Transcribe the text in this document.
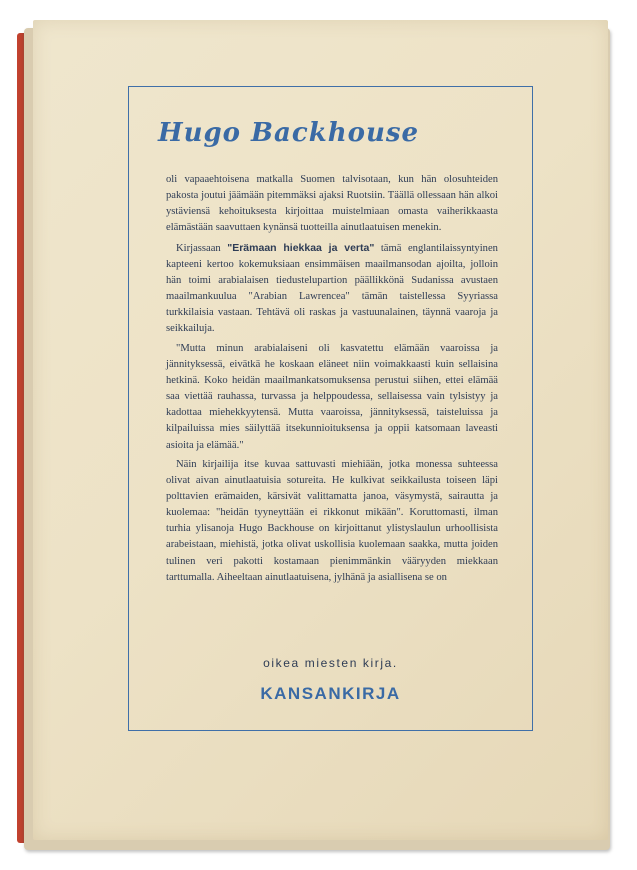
Hugo Backhouse

oli vapaaehtoisena matkalla Suomen talvisotaan, kun hän olosuhteiden pakosta joutui jäämään pitemmäksi ajaksi Ruotsiin. Täällä ollessaan hän alkoi ystäviensä kehoituksesta kirjoittaa muistelmiaan omasta vaiherikkaasta elämästään saavuttaen kynänsä tuotteilla ainutlaatuisen menekin.

Kirjassaan "Erämaan hiekkaa ja verta" tämä englantilaissyntyinen kapteeni kertoo kokemuksiaan ensimmäisen maailmansodan ajoilta, jolloin hän toimi arabialaisen tiedustelupartion päällikkönä Sudanissa avustaen maailmankuulua "Arabian Lawrencea" tämän taistellessa Syyriassa turkkilaisia vastaan. Tehtävä oli raskas ja vastuunalainen, täynnä vaaroja ja seikkailuja.

"Mutta minun arabialaiseni oli kasvatettu elämään vaaroissa ja jännityksessä, eivätkä he koskaan eläneet niin voimakkaasti kuin sellaisina hetkinä. Koko heidän maailmankatsomuksensa perustui siihen, ettei elämää saa viettää rauhassa, turvassa ja helppoudessa, sellaisessa vain tylsistyy ja kadottaa miehekkyytensä. Mutta vaaroissa, jännityksessä, taisteluissa ja kilpailuissa mies säilyttää itsekunnioituksensa ja oppii katsomaan laveasti asioita ja elämää."

Näin kirjailija itse kuvaa sattuvasti miehiään, jotka monessa suhteessa olivat aivan ainutlaatuisia sotureita. He kulkivat seikkailusta toiseen läpi polttavien erämaiden, kärsivät valittamatta janoa, väsymystä, sairautta ja kuolemaa: "heidän tyyneyttään ei rikkonut mikään". Koruttomasti, ilman turhia ylisanoja Hugo Backhouse on kirjoittanut ylistyslaulun urhoollisista arabeistaan, miehistä, jotka olivat uskollisia kuolemaan saakka, mutta joiden tulinen veri pakotti kostamaan pienimmänkin vääryyden miekkaan tarttumalla. Aiheeltaan ainutlaatuisena, jylhänä ja asiallisena se on

oikea miesten kirja.
KANSANKIRJA
